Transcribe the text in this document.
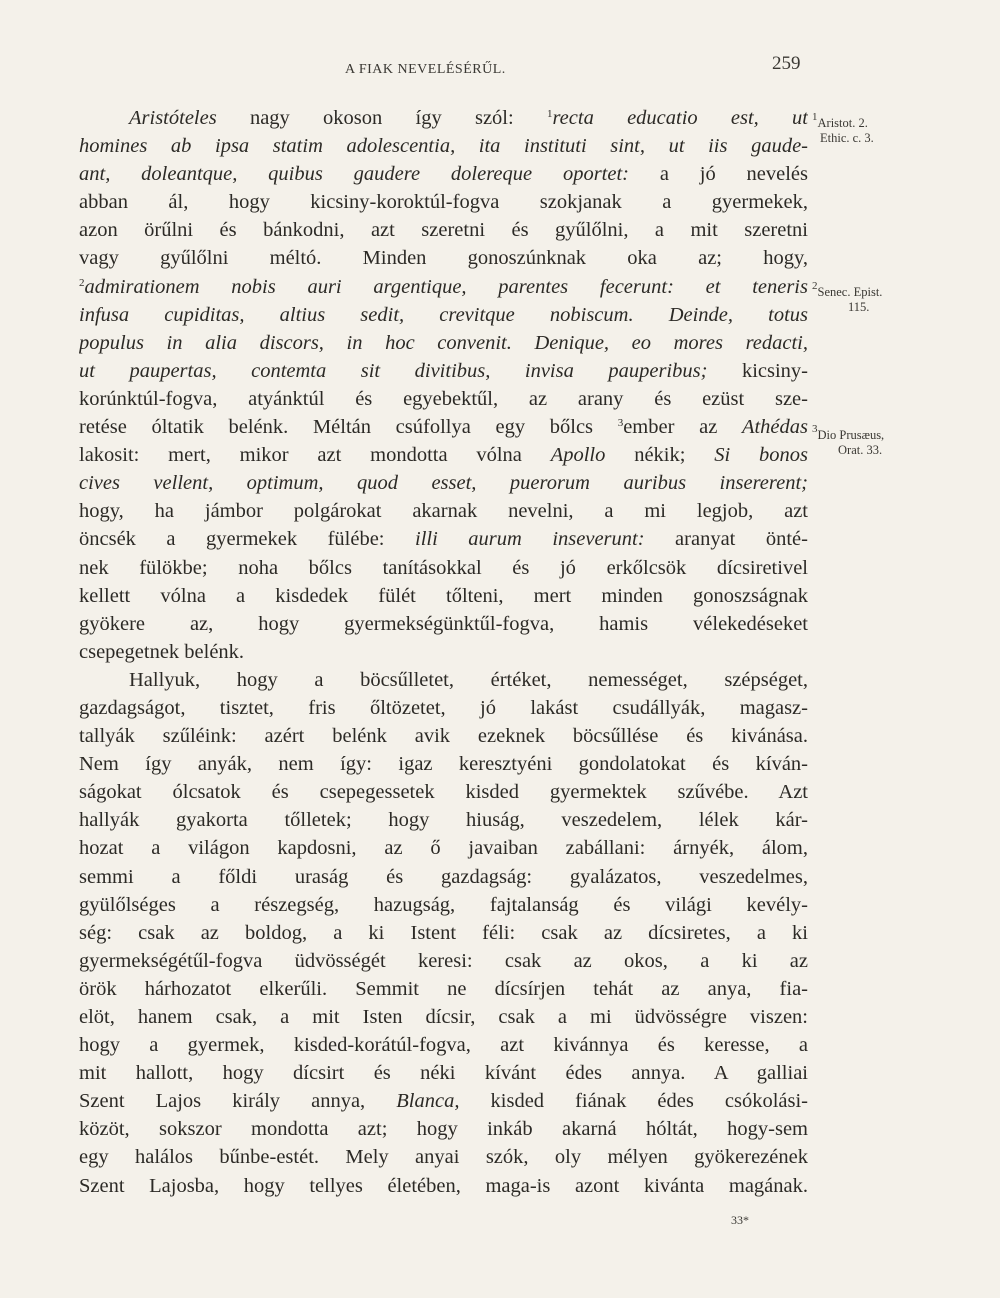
A FIAK NEVELÉSÉRŰL.	259
Aristóteles nagy okoson így szól: $^1$recta educatio est, ut
homines ab ipsa statim adolescentia, ita instituti sint, ut iis gaude-
ant, doleantque, quibus gaudere dolereque oportet: a jó nevelés
abban ál, hogy kicsiny-koroktúl-fogva szokjanak a gyermekek,
azon örűlni és bánkodni, azt szeretni és gyűlőlni, a mit szeretni
vagy gyűlőlni méltó. Minden gonoszúnknak oka az; hogy,
$^2$admirationem nobis auri argentique, parentes fecerunt: et teneris
infusa cupiditas, altius sedit, crevitque nobiscum. Deinde, totus
populus in alia discors, in hoc convenit. Denique, eo mores redacti,
ut paupertas, contemta sit divitibus, invisa pauperibus; kicsiny-
korúnktúl-fogva, atyánktúl és egyebektűl, az arany és ezüst sze-
retése óltatik belénk. Méltán csúfollya egy bőlcs $^3$ember az Athédas
lakosit: mert, mikor azt mondotta vólna Apollo nékik; Si bonos
cives vellent, optimum, quod esset, puerorum auribus insererent;
hogy, ha jámbor polgárokat akarnak nevelni, a mi legjob, azt
öncsék a gyermekek fülébe: illi aurum inseverunt: aranyat önté-
nek fülökbe; noha bőlcs tanításokkal és jó erkőlcsök dícsiretivel
kellett vólna a kisdedek fülét tőlteni, mert minden gonoszságnak
gyökere az, hogy gyermekségünktűl-fogva, hamis vélekedéseket
csepegetnek belénk.
Hallyuk, hogy a böcsűlletet, értéket, nemességet, szépséget,
gazdagságot, tisztet, fris őltözetet, jó lakást csudállyák, magasz-
tallyák szűléink: azért belénk avik ezeknek böcsűllése és kivánása.
Nem így anyák, nem így: igaz keresztyéni gondolatokat és kíván-
ságokat ólcsatok és csepegessetek kisded gyermektek szűvébe. Azt
hallyák gyakorta tőlletek; hogy hiuság, veszedelem, lélek kár-
hozat a világon kapdosni, az ő javaiban zabállani: árnyék, álom,
semmi a főldi uraság és gazdagság: gyalázatos, veszedelmes,
gyülőlséges a részegség, hazugság, fajtalanság és világi kevély-
ség: csak az boldog, a ki Istent féli: csak az dícsiretes, a ki
gyermekségétűl-fogva üdvösségét keresi: csak az okos, a ki az
örök hárhozatot elkerűli. Semmit ne dícsírjen tehát az anya, fia-
elöt, hanem csak, a mit Isten dícsir, csak a mi üdvösségre viszen:
hogy a gyermek, kisded-korátúl-fogva, azt kivánnya és keresse, a
mit hallott, hogy dícsirt és néki kívánt édes annya. A galliai
Szent Lajos király annya, Blanca, kisded fiának édes csókolási-
közöt, sokszor mondotta azt; hogy inkáb akarná hóltát, hogy-sem
egy halálos bűnbe-estét. Mely anyai szók, oly mélyen gyökerezének
Szent Lajosba, hogy tellyes életében, maga-is azont kivánta magának.
$^1$Aristot. 2.
Ethic. c. 3.
$^2$Senec. Epist.
115.
$^3$Dio Prusæus,
Orat. 33.
33*
